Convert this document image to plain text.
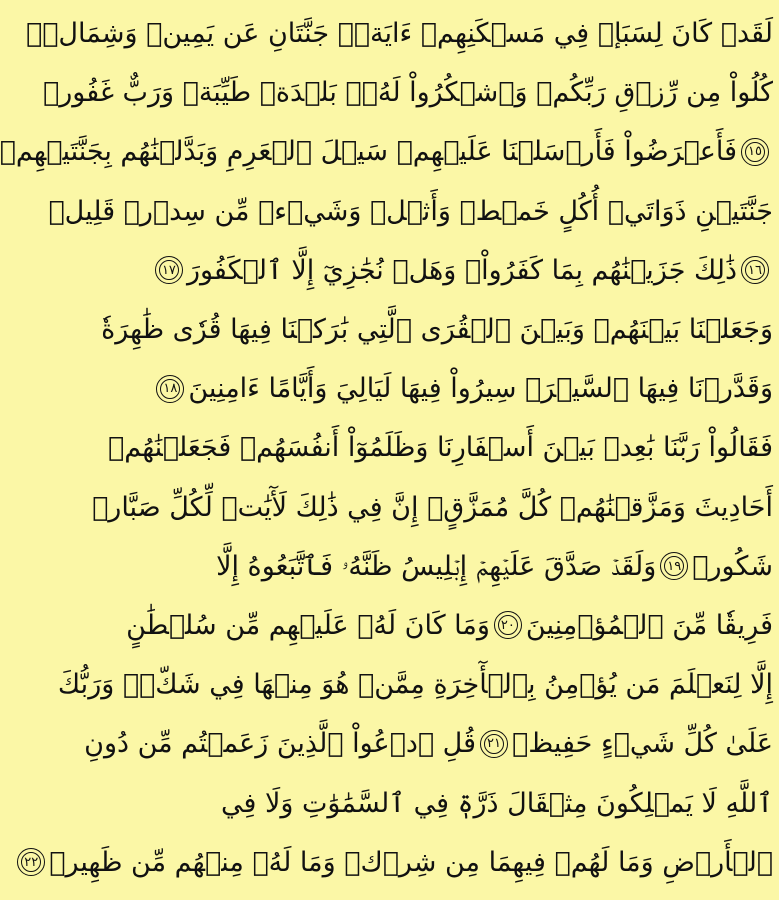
لَقَدۡ كَانَ لِسَبَإٖ فِي مَسۡكَنِهِمۡ ءَايَةٞۖ جَنَّتَانِ عَن يَمِينٖ وَشِمَالٖۖ
كُلُواْ مِن رِّزۡقِ رَبِّكُمۡ وَٱشۡكُرُواْ لَهُۥۚ بَلۡدَةٞ طَيِّبَةٞ وَرَبٌّ غَفُورٞ
١٥
فَأَعۡرَضُواْ فَأَرۡسَلۡنَا عَلَيۡهِمۡ سَيۡلَ ٱلۡعَرِمِ وَبَدَّلۡنَٰهُم بِجَنَّتَيۡهِمۡ
جَنَّتَيۡنِ ذَوَاتَيۡ أُكُلٍ خَمۡطٖ وَأَثۡلٖ وَشَيۡءٖ مِّن سِدۡرٖ قَلِيلٖ
١٦
ذَٰلِكَ جَزَيۡنَٰهُم بِمَا كَفَرُواْۖ وَهَلۡ نُجَٰزِيٓ إِلَّا ٱلۡكَفُورَ
١٧
وَجَعَلۡنَا بَيۡنَهُمۡ وَبَيۡنَ ٱلۡقُرَى ٱلَّتِي بَٰرَكۡنَا فِيهَا قُرٗى ظَٰهِرَةٗ
وَقَدَّرۡنَا فِيهَا ٱلسَّيۡرَۖ سِيرُواْ فِيهَا لَيَالِيَ وَأَيَّامًا ءَامِنِينَ
١٨
فَقَالُواْ رَبَّنَا بَٰعِدۡ بَيۡنَ أَسۡفَارِنَا وَظَلَمُوٓاْ أَنفُسَهُمۡ فَجَعَلۡنَٰهُمۡ
أَحَادِيثَ وَمَزَّقۡنَٰهُمۡ كُلَّ مُمَزَّقٍۚ إِنَّ فِي ذَٰلِكَ لَأٓيَٰتٖ لِّكُلِّ صَبَّارٖ
شَكُورٖ
١٩
وَلَقَدۡ صَدَّقَ عَلَيۡهِمۡ إِبۡلِيسُ ظَنَّهُۥ فَٱتَّبَعُوهُ إِلَّا
فَرِيقٗا مِّنَ ٱلۡمُؤۡمِنِينَ
٢٠
وَمَا كَانَ لَهُۥ عَلَيۡهِم مِّن سُلۡطَٰنٍ
إِلَّا لِنَعۡلَمَ مَن يُؤۡمِنُ بِٱلۡأٓخِرَةِ مِمَّنۡ هُوَ مِنۡهَا فِي شَكّٖۗ وَرَبُّكَ
عَلَىٰ كُلِّ شَيۡءٍ حَفِيظٞ
٢١
قُلِ ٱدۡعُواْ ٱلَّذِينَ زَعَمۡتُم مِّن دُونِ
ٱللَّهِ لَا يَمۡلِكُونَ مِثۡقَالَ ذَرَّةٖ فِي ٱلسَّمَٰوَٰتِ وَلَا فِي
ٱلۡأَرۡضِ وَمَا لَهُمۡ فِيهِمَا مِن شِرۡكٖ وَمَا لَهُۥ مِنۡهُم مِّن ظَهِيرٖ
٢٢
